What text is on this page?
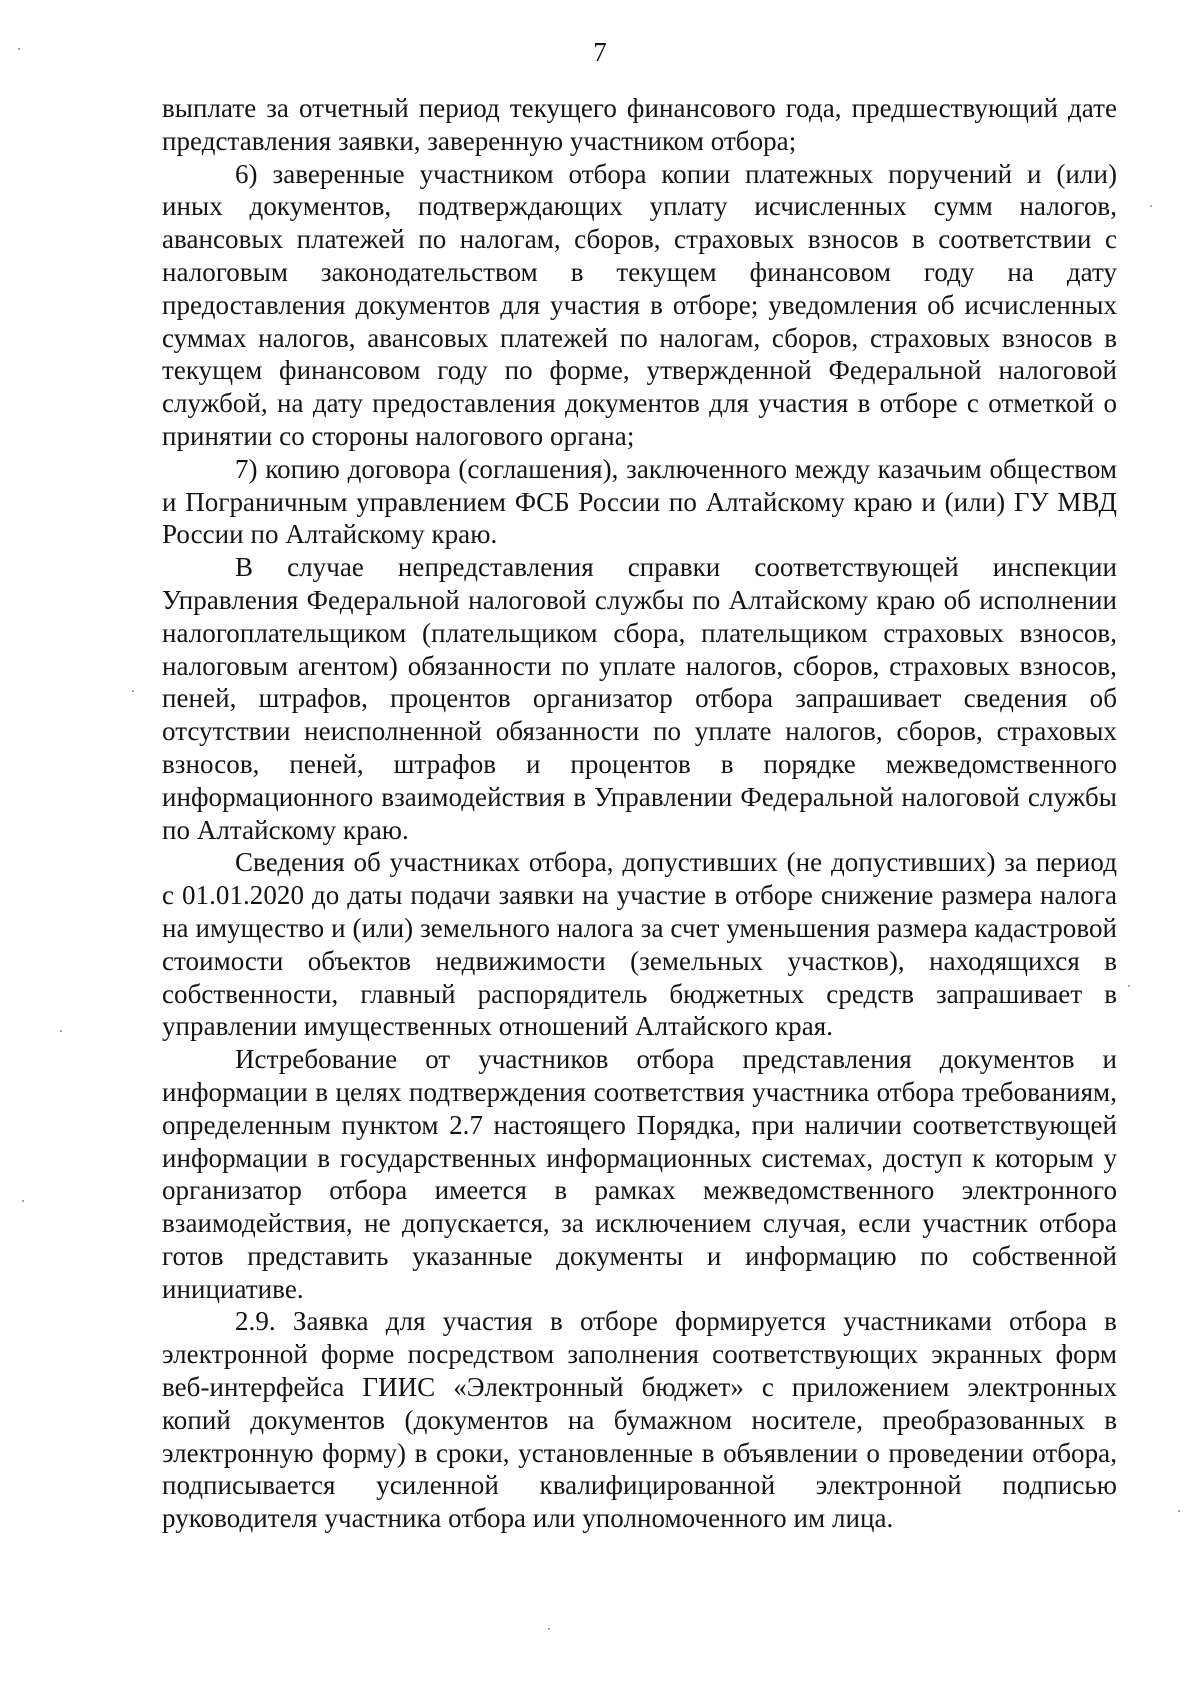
7

выплате за отчетный период текущего финансового года, предшествующий дате представления заявки, заверенную участником отбора;

6) заверенные участником отбора копии платежных поручений и (или) иных документов, подтверждающих уплату исчисленных сумм налогов, авансовых платежей по налогам, сборов, страховых взносов в соответствии с налоговым законодательством в текущем финансовом году на дату предоставления документов для участия в отборе; уведомления об исчисленных суммах налогов, авансовых платежей по налогам, сборов, страховых взносов в текущем финансовом году по форме, утвержденной Федеральной налоговой службой, на дату предоставления документов для участия в отборе с отметкой о принятии со стороны налогового органа;

7) копию договора (соглашения), заключенного между казачьим обществом и Пограничным управлением ФСБ России по Алтайскому краю и (или) ГУ МВД России по Алтайскому краю.

В случае непредставления справки соответствующей инспекции Управления Федеральной налоговой службы по Алтайскому краю об исполнении налогоплательщиком (плательщиком сбора, плательщиком страховых взносов, налоговым агентом) обязанности по уплате налогов, сборов, страховых взносов, пеней, штрафов, процентов организатор отбора запрашивает сведения об отсутствии неисполненной обязанности по уплате налогов, сборов, страховых взносов, пеней, штрафов и процентов в порядке межведомственного информационного взаимодействия в Управлении Федеральной налоговой службы по Алтайскому краю.

Сведения об участниках отбора, допустивших (не допустивших) за период с 01.01.2020 до даты подачи заявки на участие в отборе снижение размера налога на имущество и (или) земельного налога за счет уменьшения размера кадастровой стоимости объектов недвижимости (земельных участков), находящихся в собственности, главный распорядитель бюджетных средств запрашивает в управлении имущественных отношений Алтайского края.

Истребование от участников отбора представления документов и информации в целях подтверждения соответствия участника отбора требованиям, определенным пунктом 2.7 настоящего Порядка, при наличии соответствующей информации в государственных информационных системах, доступ к которым у организатор отбора имеется в рамках межведомственного электронного взаимодействия, не допускается, за исключением случая, если участник отбора готов представить указанные документы и информацию по собственной инициативе.

2.9. Заявка для участия в отборе формируется участниками отбора в электронной форме посредством заполнения соответствующих экранных форм веб-интерфейса ГИИС «Электронный бюджет» с приложением электронных копий документов (документов на бумажном носителе, преобразованных в электронную форму) в сроки, установленные в объявлении о проведении отбора, подписывается усиленной квалифицированной электронной подписью руководителя участника отбора или уполномоченного им лица.
